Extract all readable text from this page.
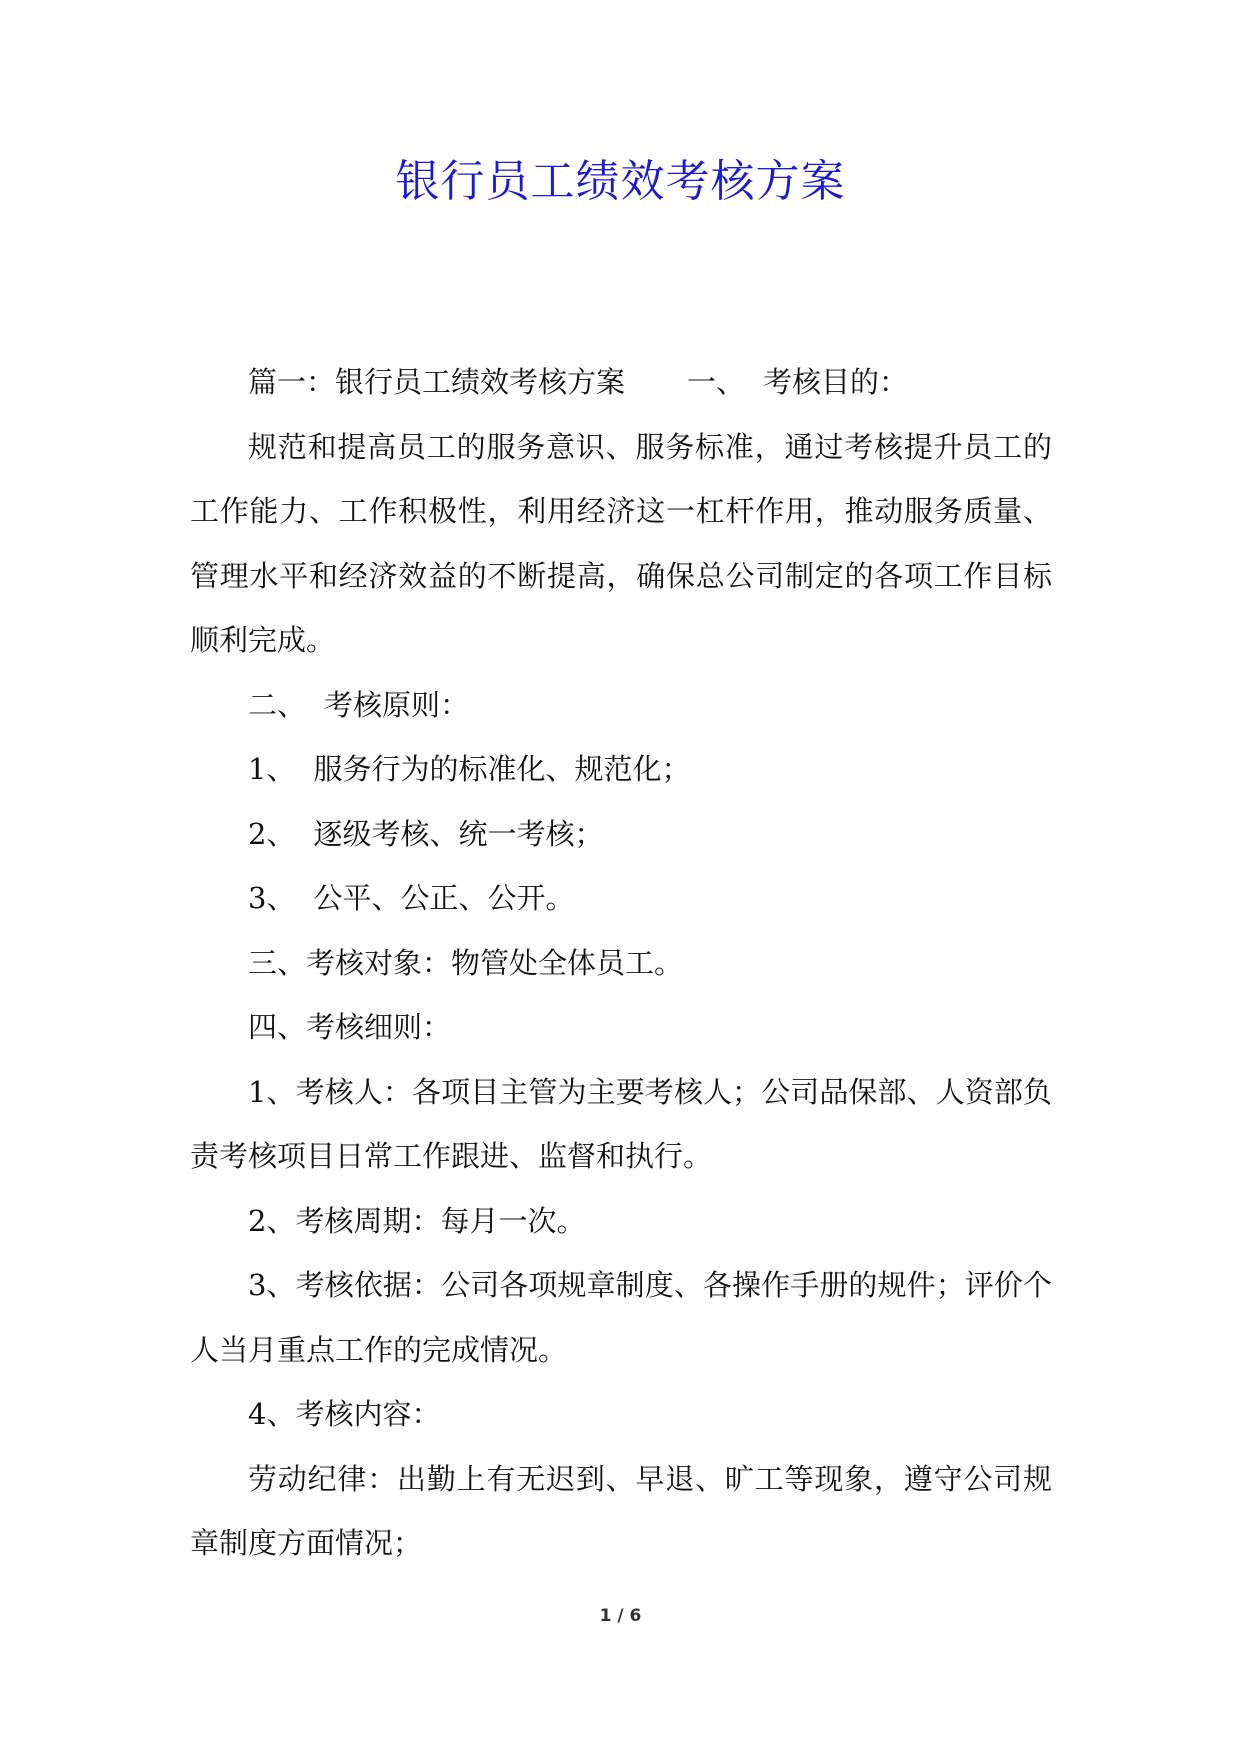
银行员工绩效考核方案

篇一：银行员工绩效考核方案 一、 考核目的：

规范和提高员工的服务意识、服务标准，通过考核提升员工的工作能力、工作积极性，利用经济这一杠杆作用，推动服务质量、管理水平和经济效益的不断提高，确保总公司制定的各项工作目标顺利完成。

二、 考核原则：

1、 服务行为的标准化、规范化；

2、 逐级考核、统一考核；

3、 公平、公正、公开。

三、考核对象：物管处全体员工。

四、考核细则：

1、考核人：各项目主管为主要考核人；公司品保部、人资部负责考核项目日常工作跟进、监督和执行。

2、考核周期：每月一次。

3、考核依据：公司各项规章制度、各操作手册的规件；评价个人当月重点工作的完成情况。

4、考核内容：

劳动纪律：出勤上有无迟到、早退、旷工等现象，遵守公司规章制度方面情况；

1 / 6
